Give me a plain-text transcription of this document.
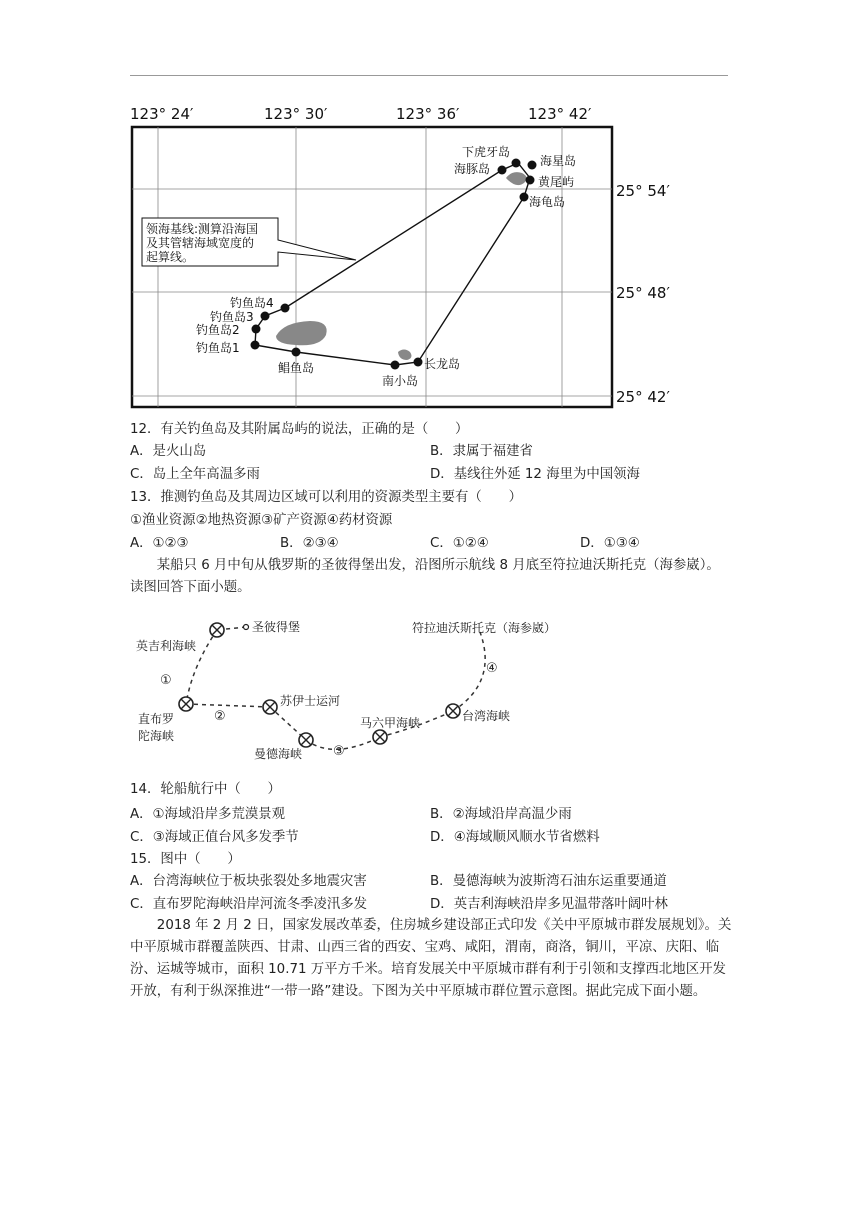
123° 24′	123° 30′	123° 36′	123° 42′
下虎牙岛
海豚岛
海星岛
黄尾屿
海龟岛
钓鱼岛4
钓鱼岛3
钓鱼岛2
钓鱼岛1
鲳鱼岛
南小岛
长龙岛
领海基线:测算沿海国
及其管辖海域宽度的
起算线。
25° 54′
25° 48′
25° 42′
12．有关钓鱼岛及其附属岛屿的说法，正确的是（　　）
A．是火山岛	B．隶属于福建省
C．岛上全年高温多雨	D．基线往外延 12 海里为中国领海
13．推测钓鱼岛及其周边区域可以利用的资源类型主要有（　　）
①渔业资源②地热资源③矿产资源④药材资源
A．①②③	B．②③④	C．①②④	D．①③④
某船只 6 月中旬从俄罗斯的圣彼得堡出发，沿图所示航线 8 月底至符拉迪沃斯托克（海参崴）。读图回答下面小题。
圣彼得堡	符拉迪沃斯托克（海参崴）
英吉利海峡
直布罗
陀海峡
苏伊士运河
曼德海峡
马六甲海峡	台湾海峡
①
②
③
④
14．轮船航行中（　　）
A．①海域沿岸多荒漠景观	B．②海域沿岸高温少雨
C．③海域正值台风多发季节	D．④海域顺风顺水节省燃料
15．图中（　　）
A．台湾海峡位于板块张裂处多地震灾害	B．曼德海峡为波斯湾石油东运重要通道
C．直布罗陀海峡沿岸河流冬季凌汛多发	D．英吉利海峡沿岸多见温带落叶阔叶林
2018 年 2 月 2 日，国家发展改革委，住房城乡建设部正式印发《关中平原城市群发展规划》。关中平原城市群覆盖陕西、甘肃、山西三省的西安、宝鸡、咸阳，渭南，商洛，铜川，平凉、庆阳、临汾、运城等城市，面积 10.71 万平方千米。培育发展关中平原城市群有利于引领和支撑西北地区开发开放，有利于纵深推进“一带一路”建设。下图为关中平原城市群位置示意图。据此完成下面小题。
